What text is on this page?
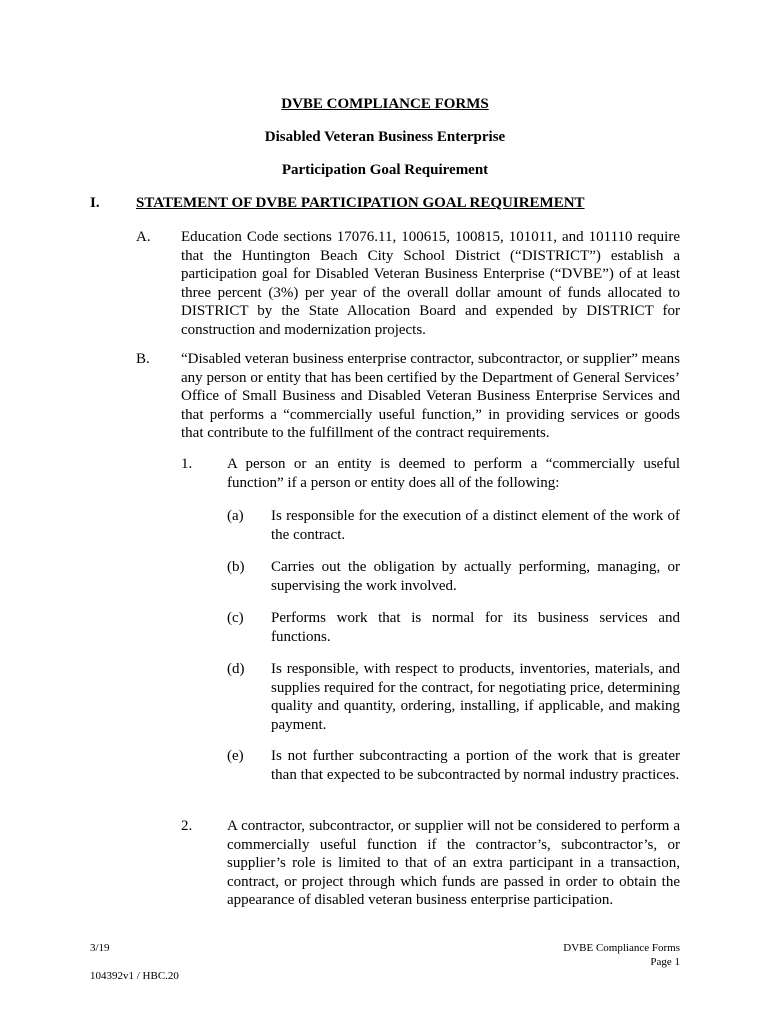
DVBE COMPLIANCE FORMS
Disabled Veteran Business Enterprise
Participation Goal Requirement
I. STATEMENT OF DVBE PARTICIPATION GOAL REQUIREMENT
A. Education Code sections 17076.11, 100615, 100815, 101011, and 101110 require that the Huntington Beach City School District (“DISTRICT”) establish a participation goal for Disabled Veteran Business Enterprise (“DVBE”) of at least three percent (3%) per year of the overall dollar amount of funds allocated to DISTRICT by the State Allocation Board and expended by DISTRICT for construction and modernization projects.
B. “Disabled veteran business enterprise contractor, subcontractor, or supplier” means any person or entity that has been certified by the Department of General Services’ Office of Small Business and Disabled Veteran Business Enterprise Services and that performs a “commercially useful function,” in providing services or goods that contribute to the fulfillment of the contract requirements.
1. A person or an entity is deemed to perform a “commercially useful function” if a person or entity does all of the following:
(a) Is responsible for the execution of a distinct element of the work of the contract.
(b) Carries out the obligation by actually performing, managing, or supervising the work involved.
(c) Performs work that is normal for its business services and functions.
(d) Is responsible, with respect to products, inventories, materials, and supplies required for the contract, for negotiating price, determining quality and quantity, ordering, installing, if applicable, and making payment.
(e) Is not further subcontracting a portion of the work that is greater than that expected to be subcontracted by normal industry practices.
2. A contractor, subcontractor, or supplier will not be considered to perform a commercially useful function if the contractor’s, subcontractor’s, or supplier’s role is limited to that of an extra participant in a transaction, contract, or project through which funds are passed in order to obtain the appearance of disabled veteran business enterprise participation.
3/19
104392v1 / HBC.20
DVBE Compliance Forms
Page 1
